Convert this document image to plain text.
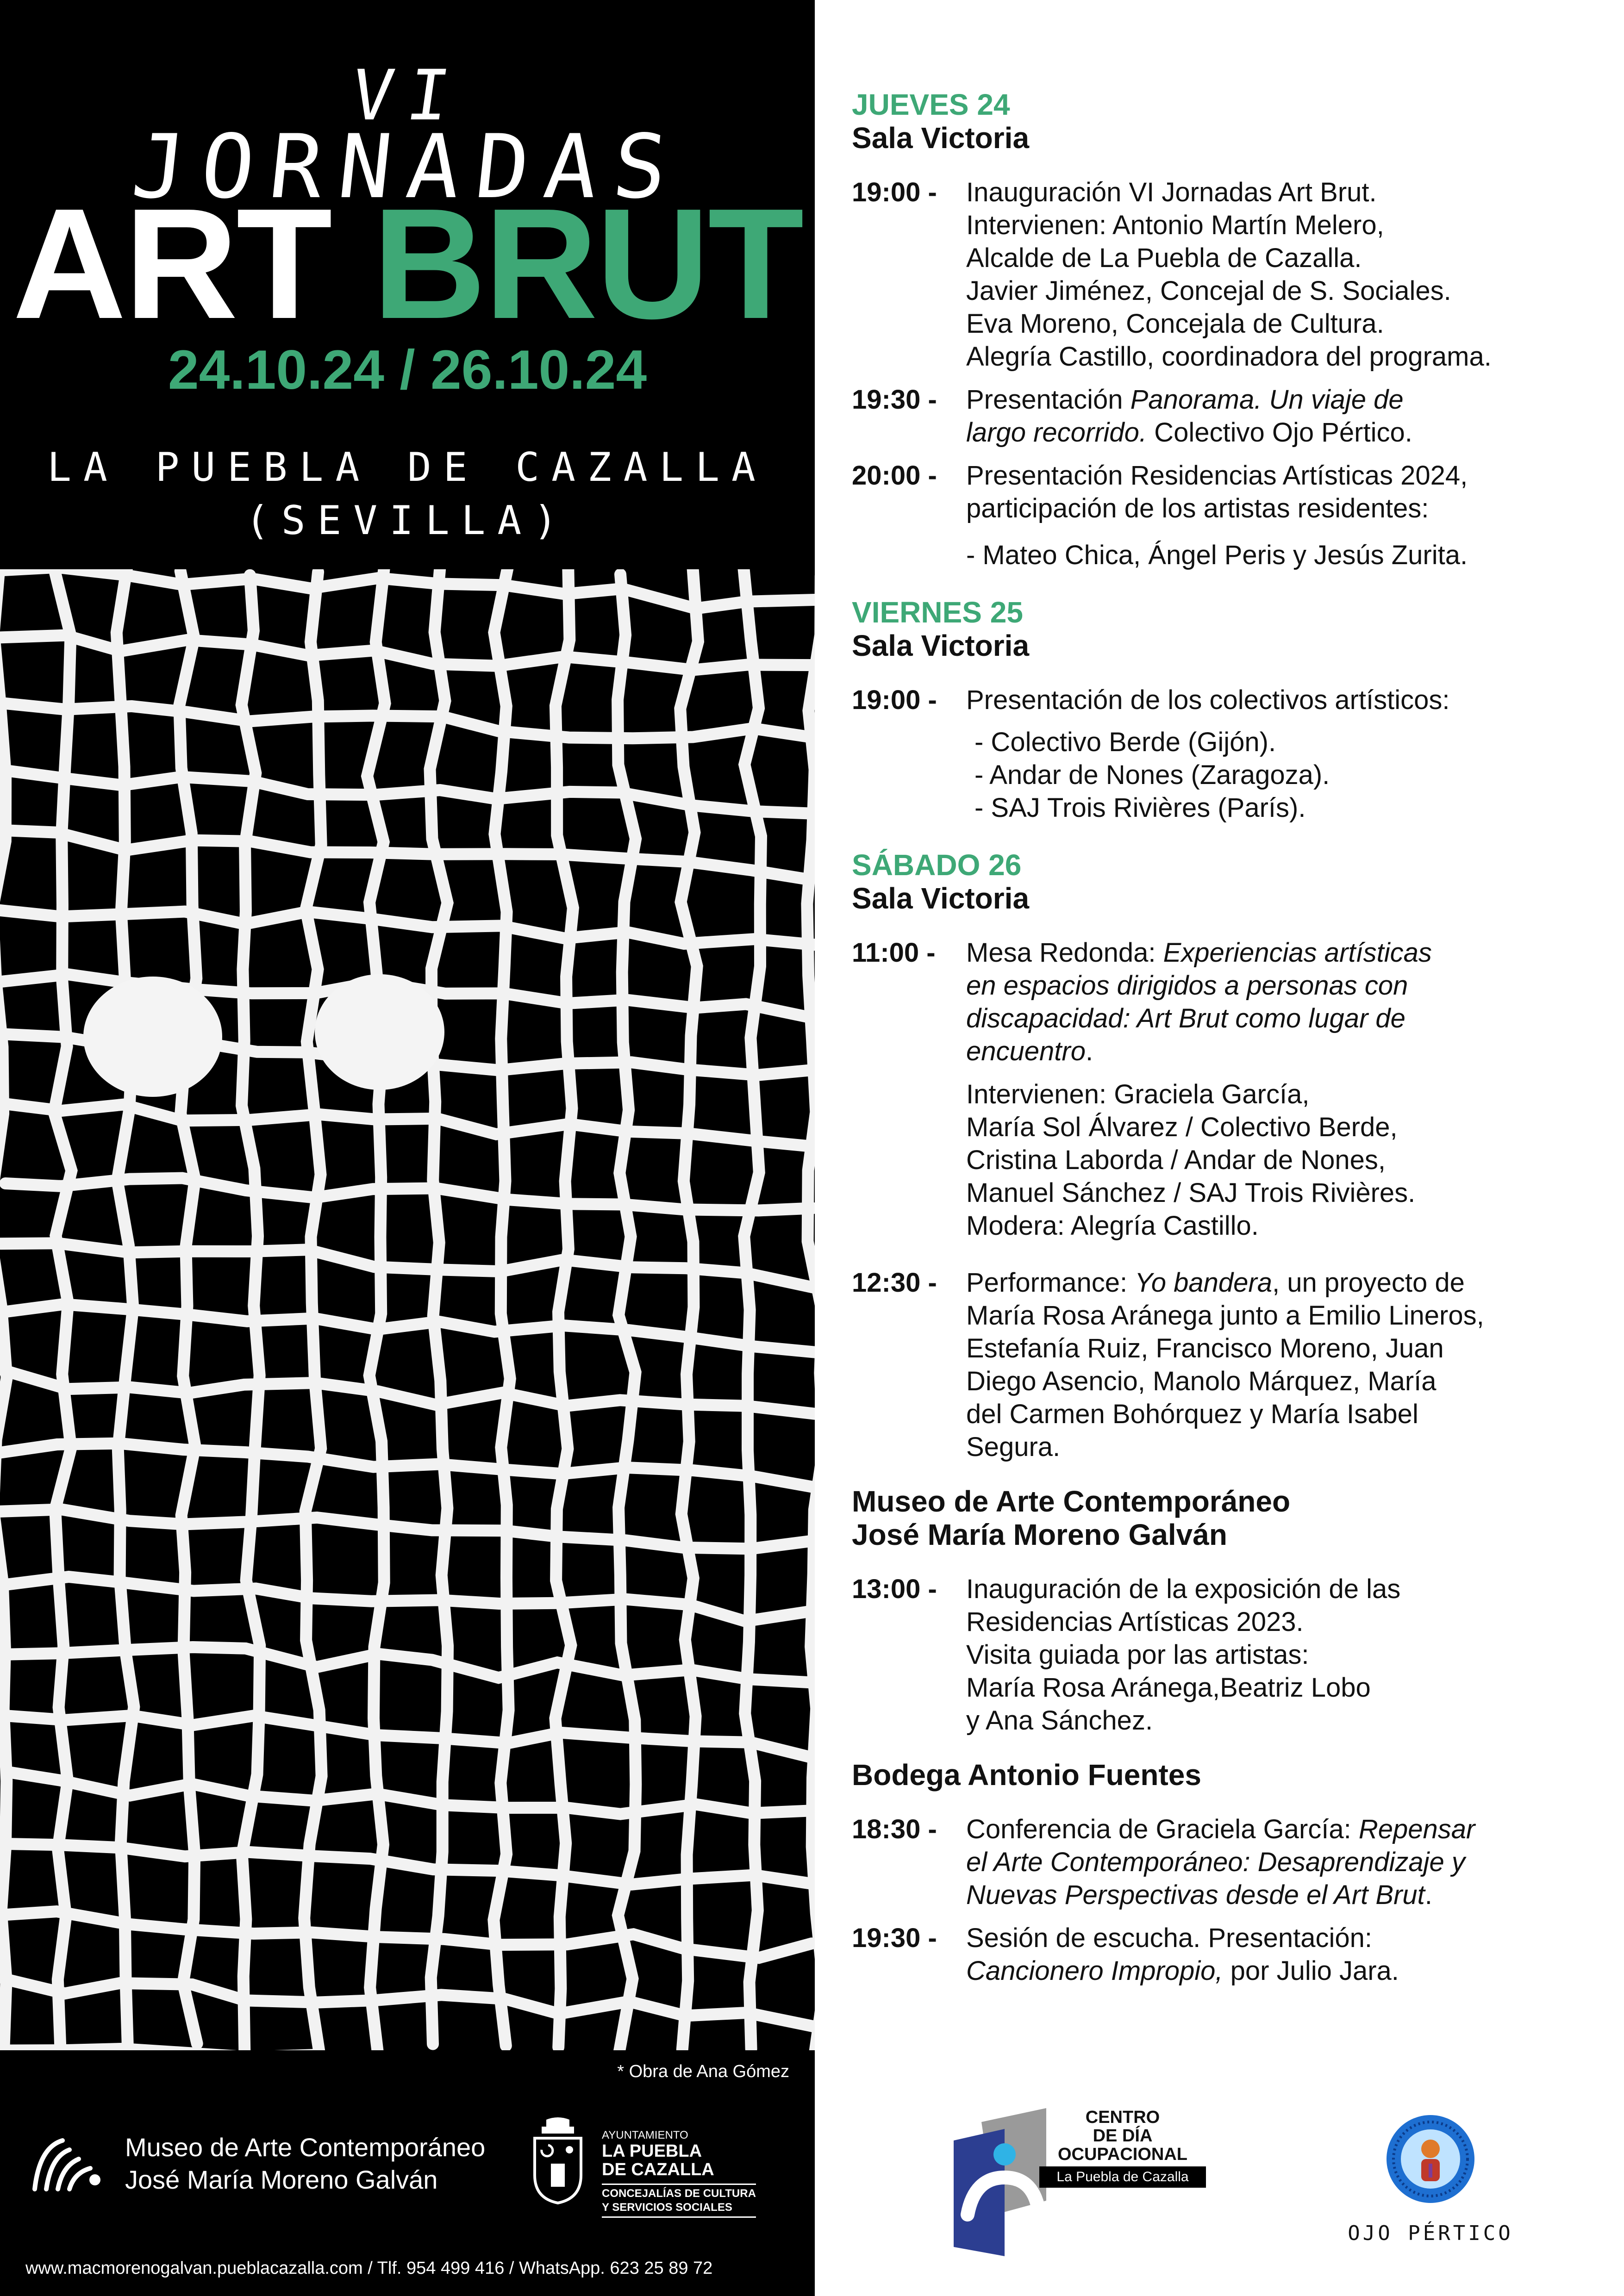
VI
JORNADAS
ART BRUT
24.10.24 / 26.10.24
LA PUEBLA DE CAZALLA
(SEVILLA)
* Obra de Ana Gómez
Museo de Arte Contemporáneo
José María Moreno Galván
AYUNTAMIENTO
LA PUEBLA
DE CAZALLA
CONCEJALÍAS DE CULTURA
Y SERVICIOS SOCIALES
www.macmorenogalvan.pueblacazalla.com / Tlf. 954 499 416 / WhatsApp. 623 25 89 72
JUEVES 24
Sala Victoria
19:00 -	Inauguración VI Jornadas Art Brut.

Intervienen: Antonio Martín Melero,

Alcalde de La Puebla de Cazalla.

Javier Jiménez, Concejal de S. Sociales.

Eva Moreno, Concejala de Cultura.

Alegría Castillo, coordinadora del programa.

19:30 -	Presentación Panorama. Un viaje de

largo recorrido. Colectivo Ojo Pértico.

20:00 -	Presentación Residencias Artísticas 2024,

participación de los artistas residentes:

- Mateo Chica, Ángel Peris y Jesús Zurita.
VIERNES 25
Sala Victoria
19:00 -	Presentación de los colectivos artísticos:

- Colectivo Berde (Gijón).
- Andar de Nones (Zaragoza).
- SAJ Trois Rivières (París).
SÁBADO 26
Sala Victoria
11:00 -	Mesa Redonda: Experiencias artísticas

en espacios dirigidos a personas con

discapacidad: Art Brut como lugar de

encuentro.

Intervienen: Graciela García,

María Sol Álvarez / Colectivo Berde,

Cristina Laborda / Andar de Nones,

Manuel Sánchez / SAJ Trois Rivières.

Modera: Alegría Castillo.

12:30 -	Performance: Yo bandera, un proyecto de

María Rosa Aránega junto a Emilio Lineros,

Estefanía Ruiz, Francisco Moreno, Juan

Diego Asencio, Manolo Márquez, María

del Carmen Bohórquez y María Isabel

Segura.

Museo de Arte Contemporáneo
José María Moreno Galván
13:00 -	Inauguración de la exposición de las

Residencias Artísticas 2023.

Visita guiada por las artistas:

María Rosa Aránega,Beatriz Lobo

y Ana Sánchez.

Bodega Antonio Fuentes
18:30 -	Conferencia de Graciela García: Repensar

el Arte Contemporáneo: Desaprendizaje y

Nuevas Perspectivas desde el Art Brut.

19:30 -	Sesión de escucha. Presentación:

Cancionero Impropio, por Julio Jara.

CENTRO
DE DÍA
OCUPACIONAL
La Puebla de Cazalla
OJO PÉRTICO
